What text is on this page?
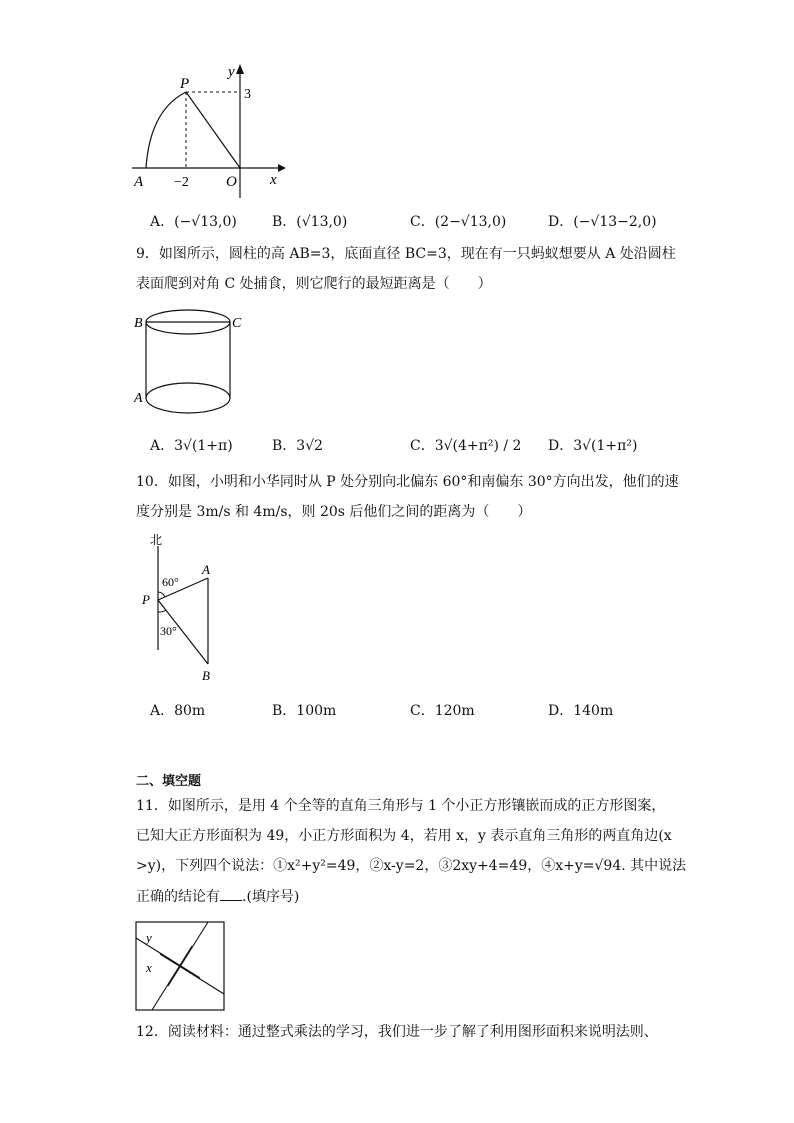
y
P
3
A −2 O x
A．(−√13,0)	B．(√13,0)	C．(2−√13,0)	D．(−√13−2,0)
9．如图所示，圆柱的高 AB=3，底面直径 BC=3，现在有一只蚂蚁想要从 A 处沿圆柱
表面爬到对角 C 处捕食，则它爬行的最短距离是（　　）
B	C
A
A．3√(1+π)	B．3√2	C．3√(4+π²) / 2 D．3√(1+π²)
10．如图，小明和小华同时从 P 处分别向北偏东 60°和南偏东 30°方向出发，他们的速
度分别是 3m/s 和 4m/s，则 20s 后他们之间的距离为（　　）
北
60°
A
P
30°
B
A．80m	B．100m	C．120m	D．140m
二、填空题
11．如图所示，是用 4 个全等的直角三角形与 1 个小正方形镶嵌而成的正方形图案，
已知大正方形面积为 49，小正方形面积为 4，若用 x，y 表示直角三角形的两直角边(x
>y)，下列四个说法：①x²+y²=49，②x-y=2，③2xy+4=49，④x+y=√94. 其中说法
正确的结论有 .(填序号)
y
x
12．阅读材料：通过整式乘法的学习，我们进一步了解了利用图形面积来说明法则、
